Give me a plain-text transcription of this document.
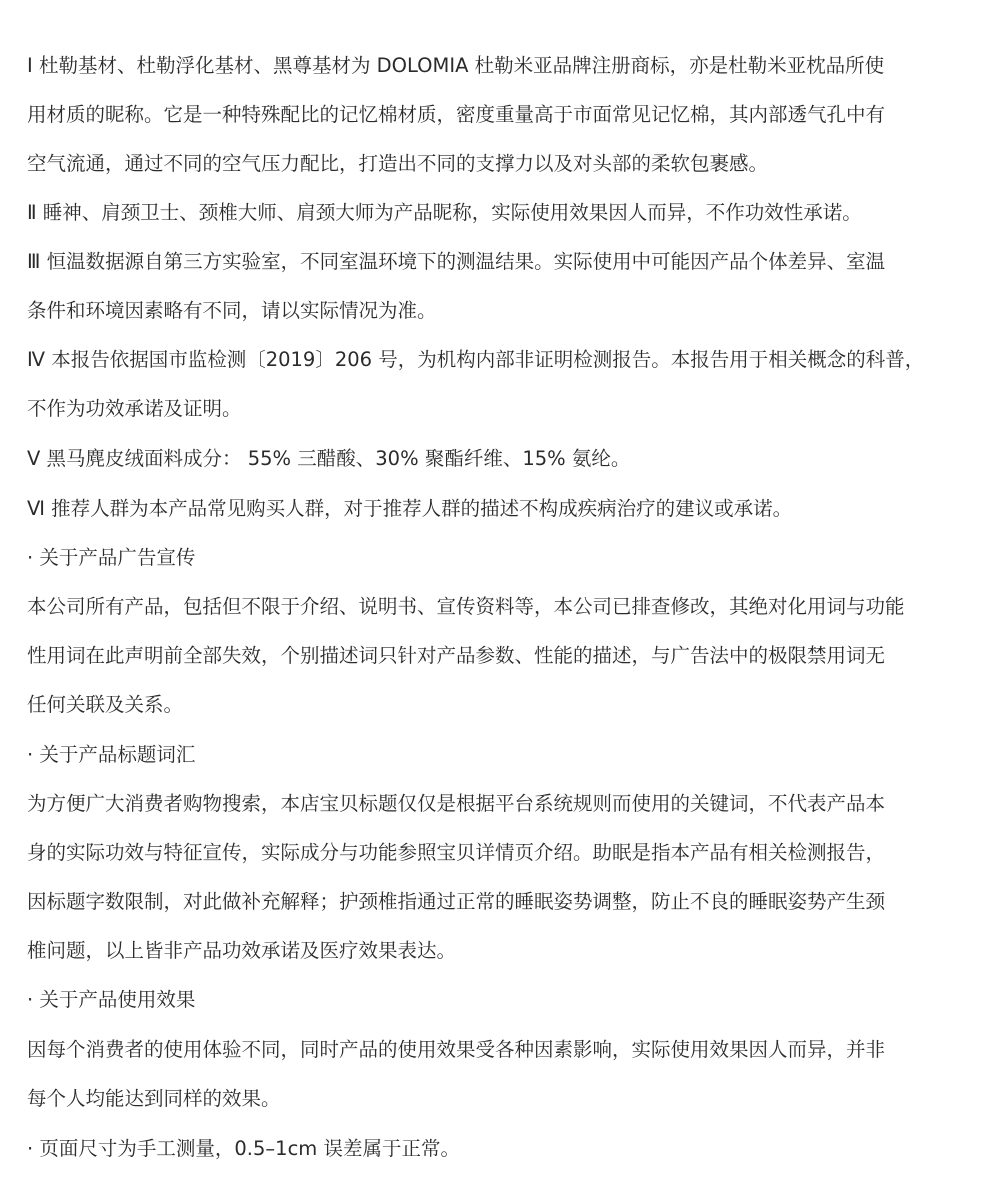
Ⅰ 杜勒基材、杜勒浮化基材、黑尊基材为 DOLOMIA 杜勒米亚品牌注册商标，亦是杜勒米亚枕品所使
用材质的昵称。它是一种特殊配比的记忆棉材质，密度重量高于市面常见记忆棉，其内部透气孔中有
空气流通，通过不同的空气压力配比，打造出不同的支撑力以及对头部的柔软包裹感。
Ⅱ 睡神、肩颈卫士、颈椎大师、肩颈大师为产品昵称，实际使用效果因人而异，不作功效性承诺。
Ⅲ 恒温数据源自第三方实验室，不同室温环境下的测温结果。实际使用中可能因产品个体差异、室温
条件和环境因素略有不同，请以实际情况为准。
Ⅳ 本报告依据国市监检测〔2019〕206 号，为机构内部非证明检测报告。本报告用于相关概念的科普，
不作为功效承诺及证明。
Ⅴ 黑马麂皮绒面料成分： 55% 三醋酸、30% 聚酯纤维、15% 氨纶。
Ⅵ 推荐人群为本产品常见购买人群，对于推荐人群的描述不构成疾病治疗的建议或承诺。
· 关于产品广告宣传
本公司所有产品，包括但不限于介绍、说明书、宣传资料等，本公司已排查修改，其绝对化用词与功能
性用词在此声明前全部失效，个别描述词只针对产品参数、性能的描述，与广告法中的极限禁用词无
任何关联及关系。
· 关于产品标题词汇
为方便广大消费者购物搜索，本店宝贝标题仅仅是根据平台系统规则而使用的关键词，不代表产品本
身的实际功效与特征宣传，实际成分与功能参照宝贝详情页介绍。助眠是指本产品有相关检测报告，
因标题字数限制，对此做补充解释；护颈椎指通过正常的睡眠姿势调整，防止不良的睡眠姿势产生颈
椎问题，以上皆非产品功效承诺及医疗效果表达。
· 关于产品使用效果
因每个消费者的使用体验不同，同时产品的使用效果受各种因素影响，实际使用效果因人而异，并非
每个人均能达到同样的效果。
· 页面尺寸为手工测量，0.5–1cm 误差属于正常。
